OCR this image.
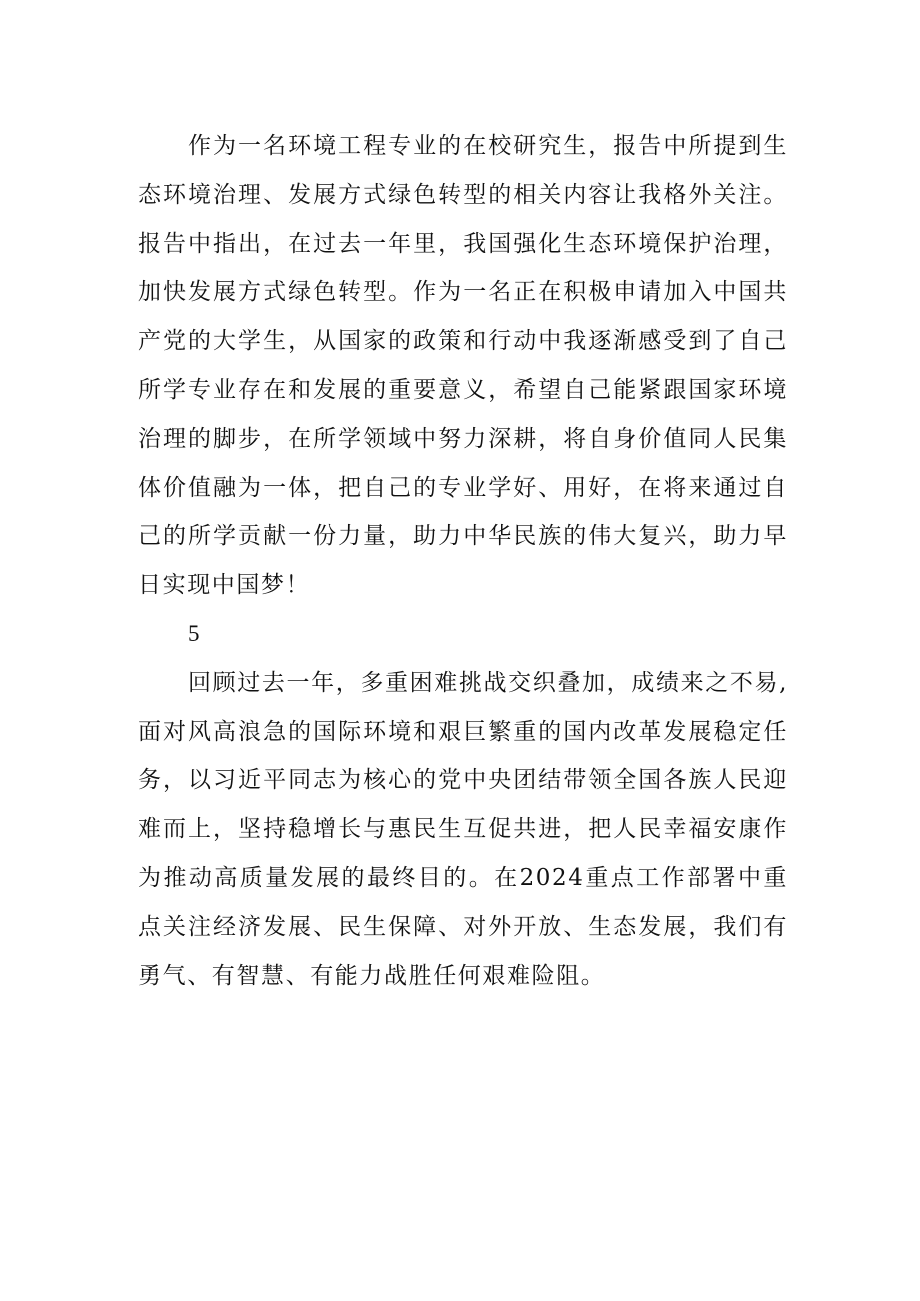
作为一名环境工程专业的在校研究生，报告中所提到生态环境治理、发展方式绿色转型的相关内容让我格外关注。报告中指出，在过去一年里，我国强化生态环境保护治理，加快发展方式绿色转型。作为一名正在积极申请加入中国共产党的大学生，从国家的政策和行动中我逐渐感受到了自己所学专业存在和发展的重要意义，希望自己能紧跟国家环境治理的脚步，在所学领域中努力深耕，将自身价值同人民集体价值融为一体，把自己的专业学好、用好，在将来通过自己的所学贡献一份力量，助力中华民族的伟大复兴，助力早日实现中国梦！

5

回顾过去一年，多重困难挑战交织叠加，成绩来之不易,面对风高浪急的国际环境和艰巨繁重的国内改革发展稳定任务，以习近平同志为核心的党中央团结带领全国各族人民迎难而上，坚持稳增长与惠民生互促共进，把人民幸福安康作为推动高质量发展的最终目的。在2024重点工作部署中重点关注经济发展、民生保障、对外开放、生态发展，我们有勇气、有智慧、有能力战胜任何艰难险阻。
